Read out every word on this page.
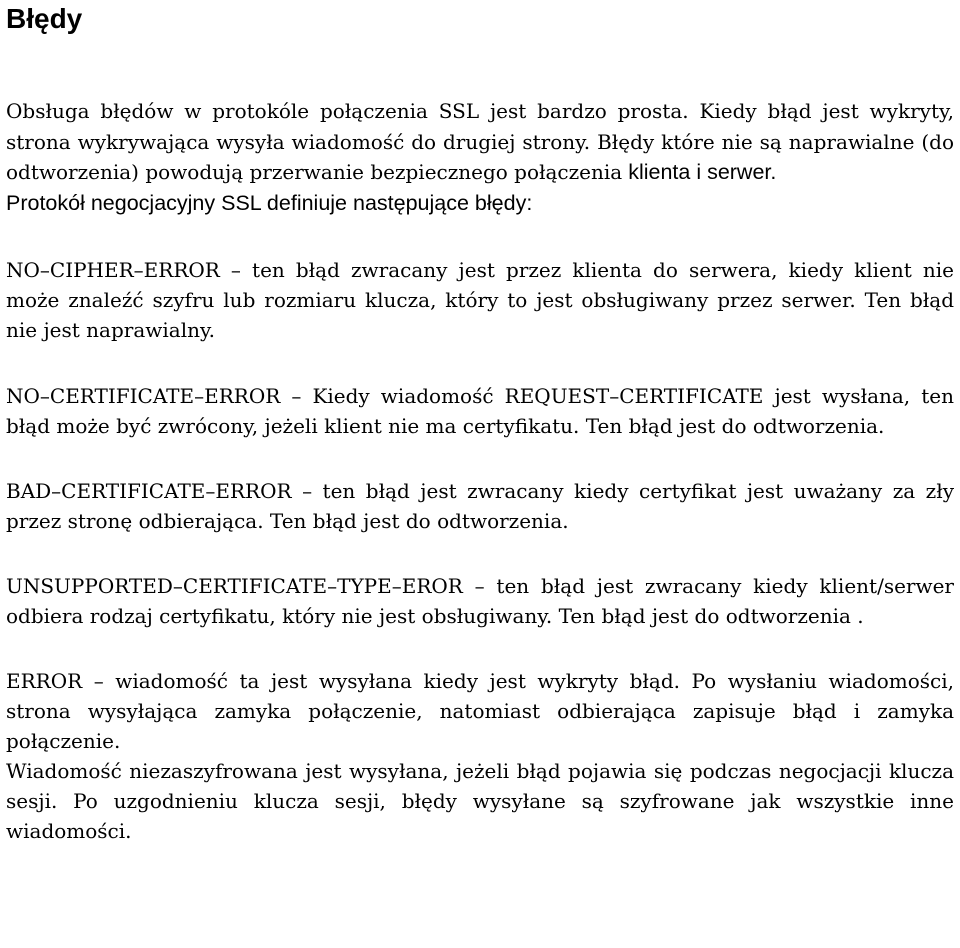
Błędy

Obsługa błędów w protokóle połączenia SSL jest bardzo prosta. Kiedy błąd jest wykryty, strona wykrywająca wysyła wiadomość do drugiej strony. Błędy które nie są naprawialne (do odtworzenia) powodują przerwanie bezpiecznego połączenia klienta i serwer.

Protokół negocjacyjny SSL definiuje następujące błędy:

NO–CIPHER–ERROR – ten błąd zwracany jest przez klienta do serwera, kiedy klient nie może znaleźć szyfru lub rozmiaru klucza, który to jest obsługiwany przez serwer. Ten błąd nie jest naprawialny.

NO–CERTIFICATE–ERROR – Kiedy wiadomość REQUEST–CERTIFICATE jest wysłana, ten błąd może być zwrócony, jeżeli klient nie ma certyfikatu. Ten błąd jest do odtworzenia.

BAD–CERTIFICATE–ERROR – ten błąd jest zwracany kiedy certyfikat jest uważany za zły przez stronę odbierająca. Ten błąd jest do odtworzenia.

UNSUPPORTED–CERTIFICATE–TYPE–EROR – ten błąd jest zwracany kiedy klient/serwer odbiera rodzaj certyfikatu, który nie jest obsługiwany. Ten błąd jest do odtworzenia .

ERROR – wiadomość ta jest wysyłana kiedy jest wykryty błąd. Po wysłaniu wiadomości, strona wysyłająca zamyka połączenie, natomiast odbierająca zapisuje błąd i zamyka połączenie.

Wiadomość niezaszyfrowana jest wysyłana, jeżeli błąd pojawia się podczas negocjacji klucza sesji. Po uzgodnieniu klucza sesji, błędy wysyłane są szyfrowane jak wszystkie inne wiadomości.
